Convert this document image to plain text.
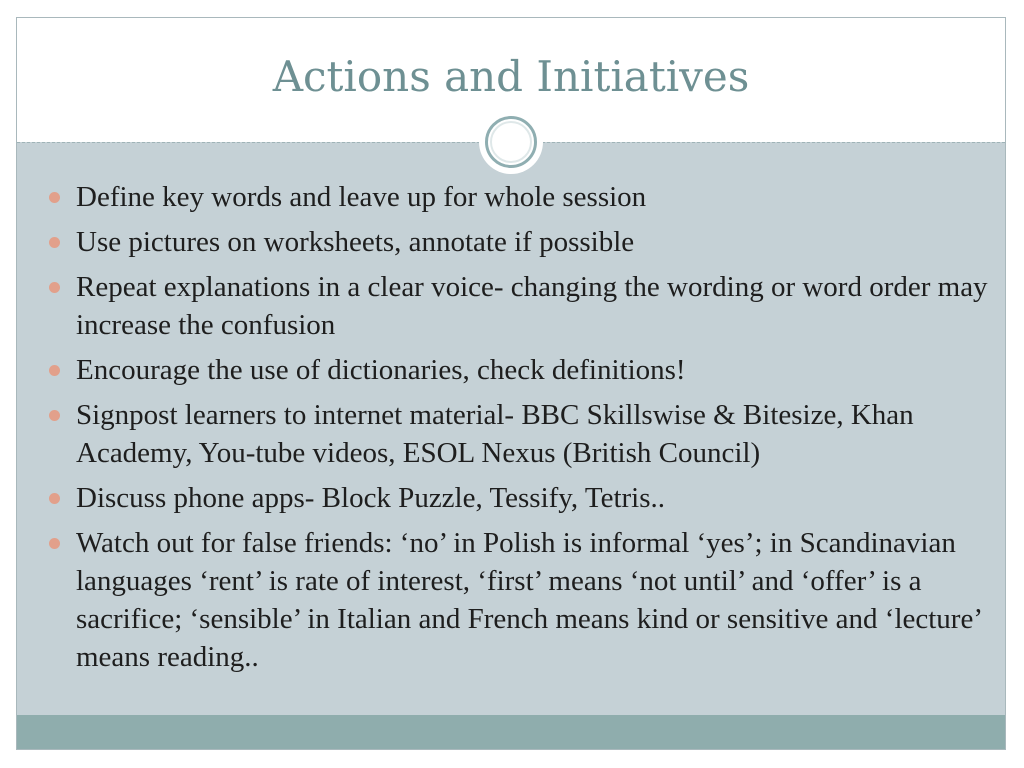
Actions and Initiatives
Define key words and leave up for whole session
Use pictures on worksheets, annotate if possible
Repeat explanations in a clear voice- changing the wording or word order may increase the confusion
Encourage the use of dictionaries, check definitions!
Signpost learners to internet material- BBC Skillswise & Bitesize, Khan Academy, You-tube videos, ESOL Nexus (British Council)
Discuss phone apps- Block Puzzle, Tessify, Tetris..
Watch out for false friends: ‘no’ in Polish is informal ‘yes’; in Scandinavian languages ‘rent’ is rate of interest, ‘first’ means ‘not until’ and ‘offer’ is a sacrifice; ‘sensible’ in Italian and French means kind or sensitive and ‘lecture’ means reading..
